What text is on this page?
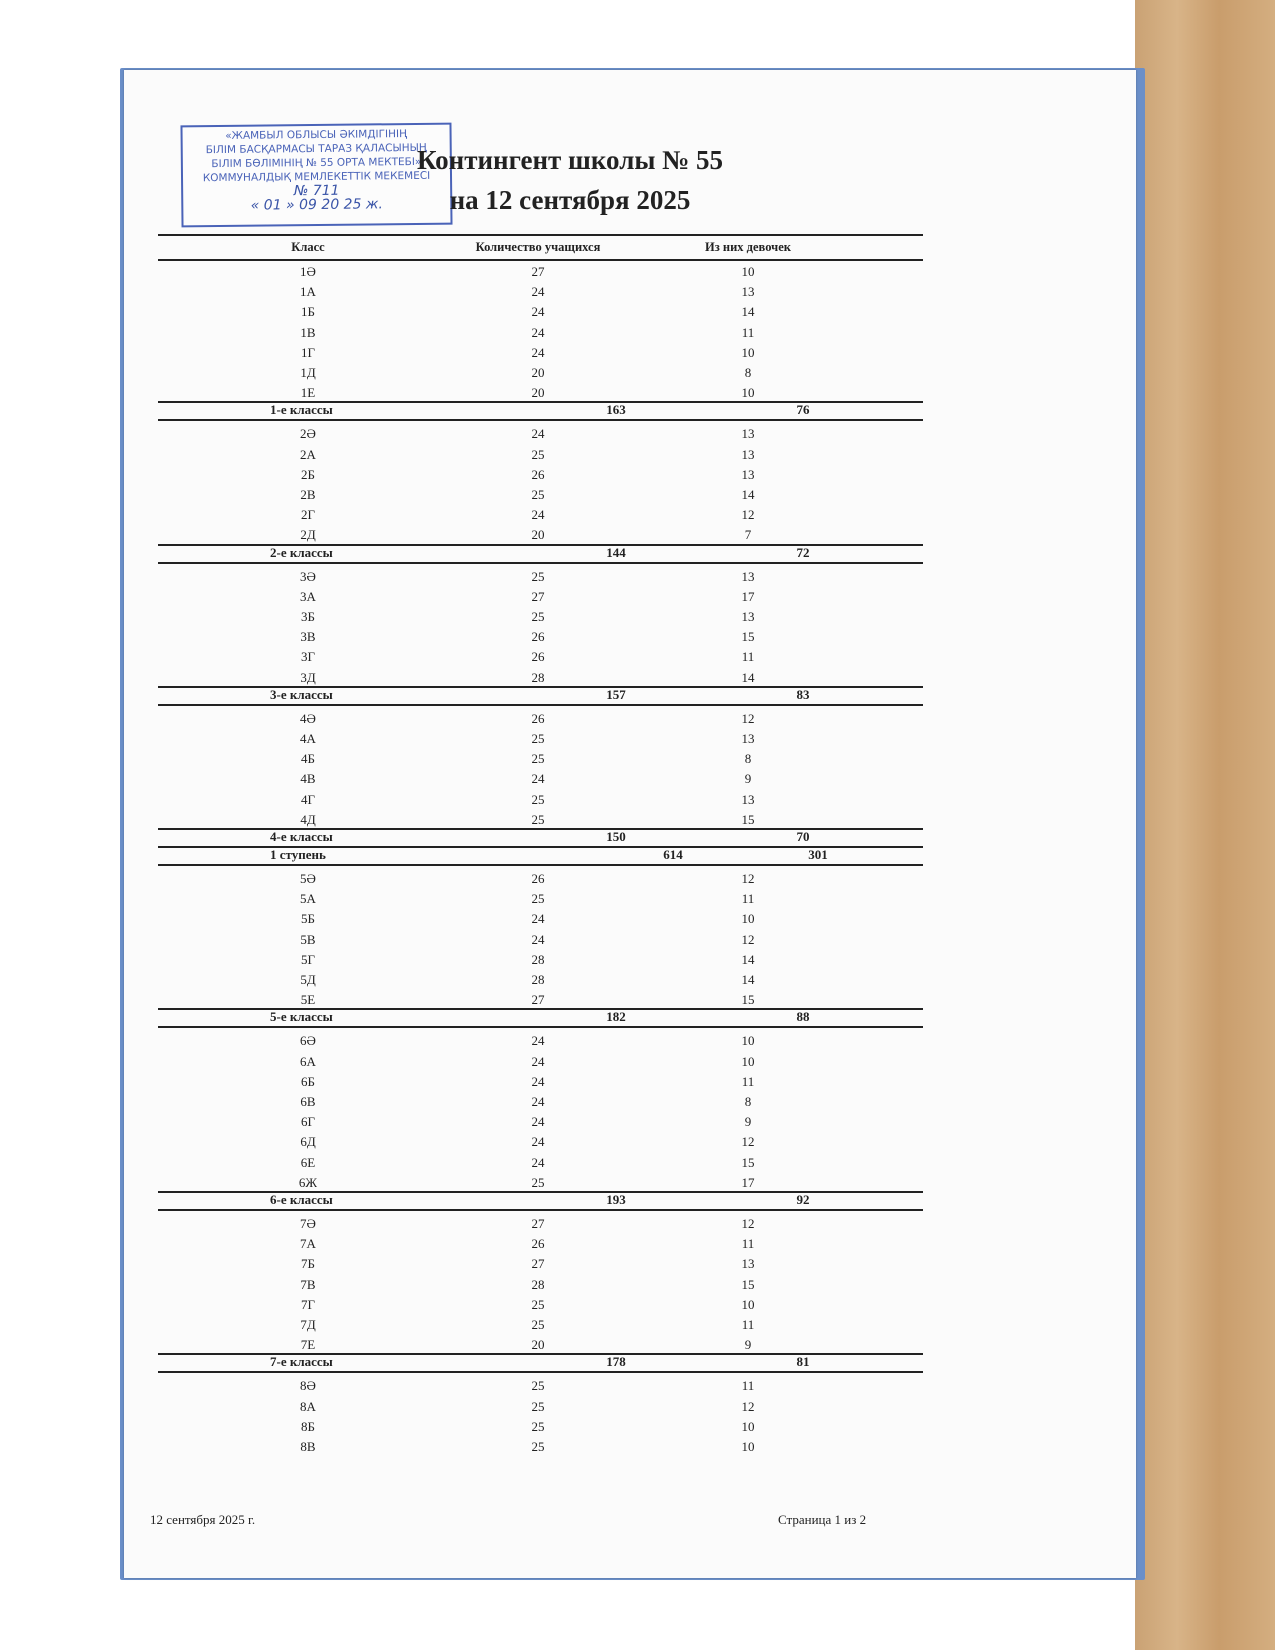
«ЖАМБЫЛ ОБЛЫСЫ ӘКІМДІГІНІҢ
БІЛІМ БАСҚАРМАСЫ ТАРАЗ ҚАЛАСЫНЫҢ
БІЛІМ БӨЛІМІНІҢ № 55 ОРТА МЕКТЕБІ»
КОММУНАЛДЫҚ МЕМЛЕКЕТТІК МЕКЕМЕСІ
№ 711
« 01 » 09 20 25 ж.
Контингент школы № 55
на 12 сентября 2025
Класс	Количество учащихся	Из них девочек
1Ә	27	10
1А	24	13
1Б	24	14
1В	24	11
1Г	24	10
1Д	20	8
1Е	20	10
1-е классы	163	76
2Ә	24	13
2А	25	13
2Б	26	13
2В	25	14
2Г	24	12
2Д	20	7
2-е классы	144	72
3Ә	25	13
3А	27	17
3Б	25	13
3В	26	15
3Г	26	11
3Д	28	14
3-е классы	157	83
4Ә	26	12
4А	25	13
4Б	25	8
4В	24	9
4Г	25	13
4Д	25	15
4-е классы	150	70
1 ступень	614	301
5Ә	26	12
5А	25	11
5Б	24	10
5В	24	12
5Г	28	14
5Д	28	14
5Е	27	15
5-е классы	182	88
6Ә	24	10
6А	24	10
6Б	24	11
6В	24	8
6Г	24	9
6Д	24	12
6Е	24	15
6Ж	25	17
6-е классы	193	92
7Ә	27	12
7А	26	11
7Б	27	13
7В	28	15
7Г	25	10
7Д	25	11
7Е	20	9
7-е классы	178	81
8Ә	25	11
8А	25	12
8Б	25	10
8В	25	10
12 сентября 2025 г.	Страница 1 из 2
